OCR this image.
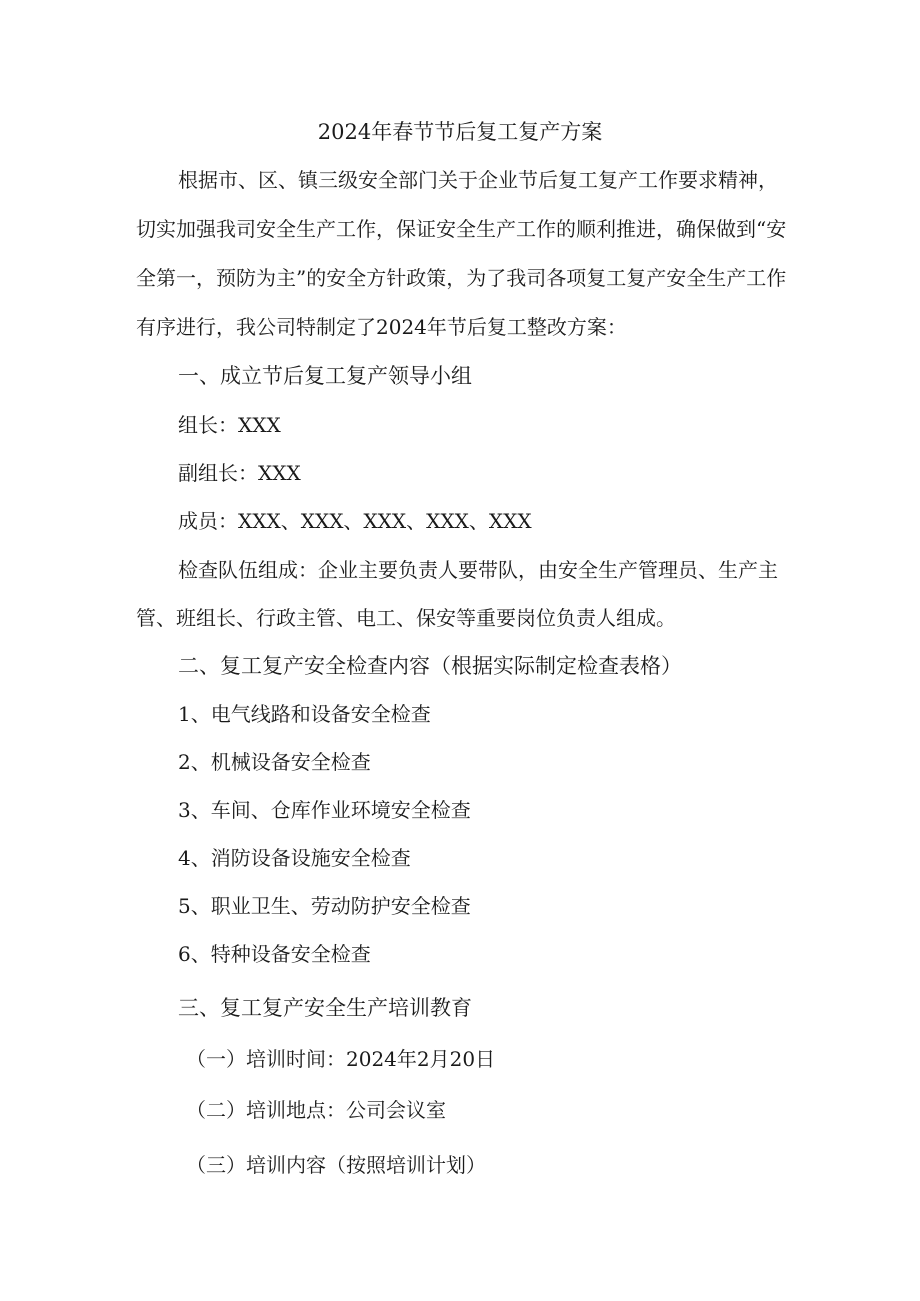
2024年春节节后复工复产方案
根据市、区、镇三级安全部门关于企业节后复工复产工作要求精神，
切实加强我司安全生产工作，保证安全生产工作的顺利推进，确保做到“安
全第一，预防为主”的安全方针政策，为了我司各项复工复产安全生产工作
有序进行，我公司特制定了2024年节后复工整改方案：
一、成立节后复工复产领导小组
组长：XXX
副组长：XXX
成员：XXX、XXX、XXX、XXX、XXX
检查队伍组成：企业主要负责人要带队，由安全生产管理员、生产主
管、班组长、行政主管、电工、保安等重要岗位负责人组成。
二、复工复产安全检查内容（根据实际制定检查表格）
1、电气线路和设备安全检查
2、机械设备安全检查
3、车间、仓库作业环境安全检查
4、消防设备设施安全检查
5、职业卫生、劳动防护安全检查
6、特种设备安全检查
三、复工复产安全生产培训教育
（一）培训时间：2024年2月20日
（二）培训地点：公司会议室
（三）培训内容（按照培训计划）
